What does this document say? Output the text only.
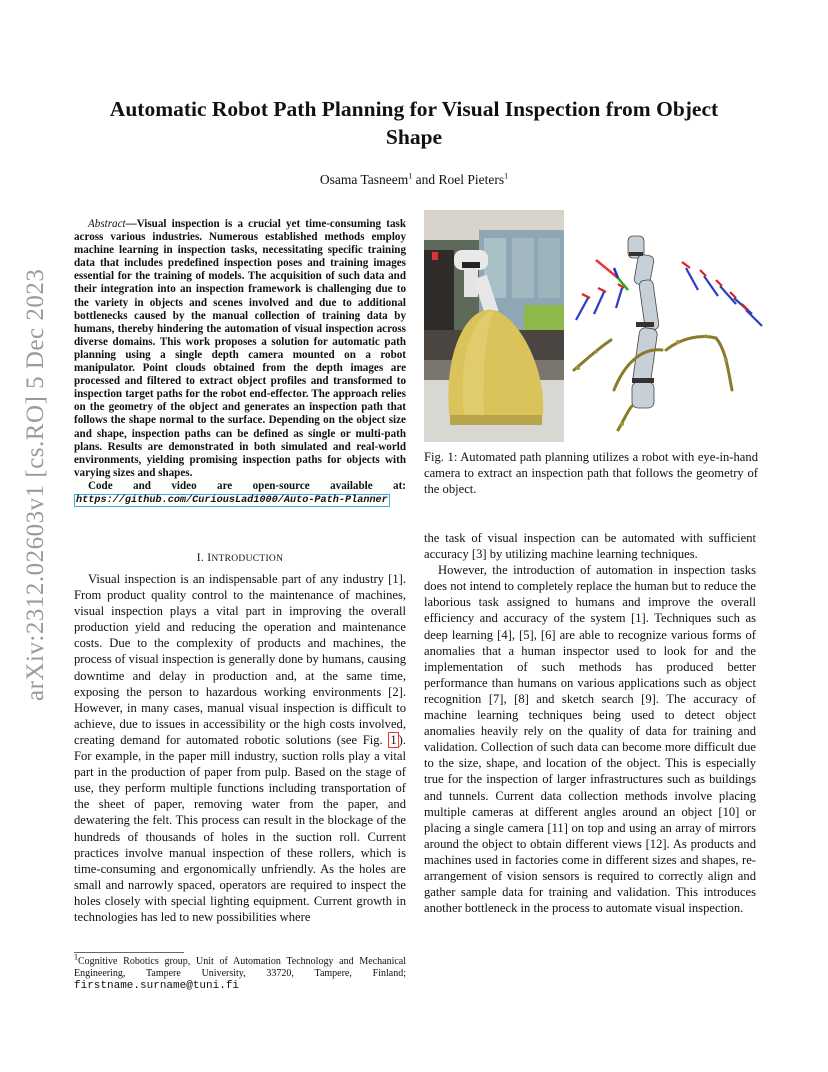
arXiv:2312.02603v1 [cs.RO] 5 Dec 2023
Automatic Robot Path Planning for Visual Inspection from Object Shape
Osama Tasneem$^1$ and Roel Pieters$^1$

Abstract—Visual inspection is a crucial yet time-consuming task across various industries. Numerous established methods employ machine learning in inspection tasks, necessitating specific training data that includes predefined inspection poses and training images essential for the training of models. The acquisition of such data and their integration into an inspection framework is challenging due to the variety in objects and scenes involved and due to additional bottlenecks caused by the manual collection of training data by humans, thereby hindering the automation of visual inspection across diverse domains. This work proposes a solution for automatic path planning using a single depth camera mounted on a robot manipulator. Point clouds obtained from the depth images are processed and filtered to extract object profiles and transformed to inspection target paths for the robot end-effector. The approach relies on the geometry of the object and generates an inspection path that follows the shape normal to the surface. Depending on the object size and shape, inspection paths can be defined as single or multi-path plans. Results are demonstrated in both simulated and real-world environments, yielding promising inspection paths for objects with varying sizes and shapes.

Code and video are open-source available at: https://github.com/CuriousLad1000/Auto-Path-Planner

I. INTRODUCTION

Visual inspection is an indispensable part of any industry [1]. From product quality control to the maintenance of machines, visual inspection plays a vital part in improving the overall production yield and reducing the operation and maintenance costs. Due to the complexity of products and machines, the process of visual inspection is generally done by humans, causing downtime and delay in production and, at the same time, exposing the person to hazardous working environments [2]. However, in many cases, manual visual inspection is difficult to achieve, due to issues in accessibility or the high costs involved, creating demand for automated robotic solutions (see Fig. 1 ). For example, in the paper mill industry, suction rolls play a vital part in the production of paper from pulp. Based on the stage of use, they perform multiple functions including transportation of the sheet of paper, removing water from the paper, and dewatering the felt. This process can result in the blockage of the hundreds of thousands of holes in the suction roll. Current practices involve manual inspection of these rollers, which is time-consuming and ergonomically unfriendly. As the holes are small and narrowly spaced, operators are required to inspect the holes closely with special lighting equipment. Current growth in technologies has led to new possibilities where

$^1$Cognitive Robotics group, Unit of Automation Technology and Mechanical Engineering, Tampere University, 33720, Tampere, Finland; firstname.surname@tuni.fi
Fig. 1: Automated path planning utilizes a robot with eye-in-hand camera to extract an inspection path that follows the geometry of the object.

the task of visual inspection can be automated with sufficient accuracy [3] by utilizing machine learning techniques.

However, the introduction of automation in inspection tasks does not intend to completely replace the human but to reduce the laborious task assigned to humans and improve the overall efficiency and accuracy of the system [1]. Techniques such as deep learning [4], [5], [6] are able to recognize various forms of anomalies that a human inspector used to look for and the implementation of such methods has produced better performance than humans on various applications such as object recognition [7], [8] and sketch search [9]. The accuracy of machine learning techniques being used to detect object anomalies heavily rely on the quality of data for training and validation. Collection of such data can become more difficult due to the size, shape, and location of the object. This is especially true for the inspection of larger infrastructures such as buildings and tunnels. Current data collection methods involve placing multiple cameras at different angles around an object [10] or placing a single camera [11] on top and using an array of mirrors around the object to obtain different views [12]. As products and machines used in factories come in different sizes and shapes, re-arrangement of vision sensors is required to correctly align and gather sample data for training and validation. This introduces another bottleneck in the process to automate visual inspection.
